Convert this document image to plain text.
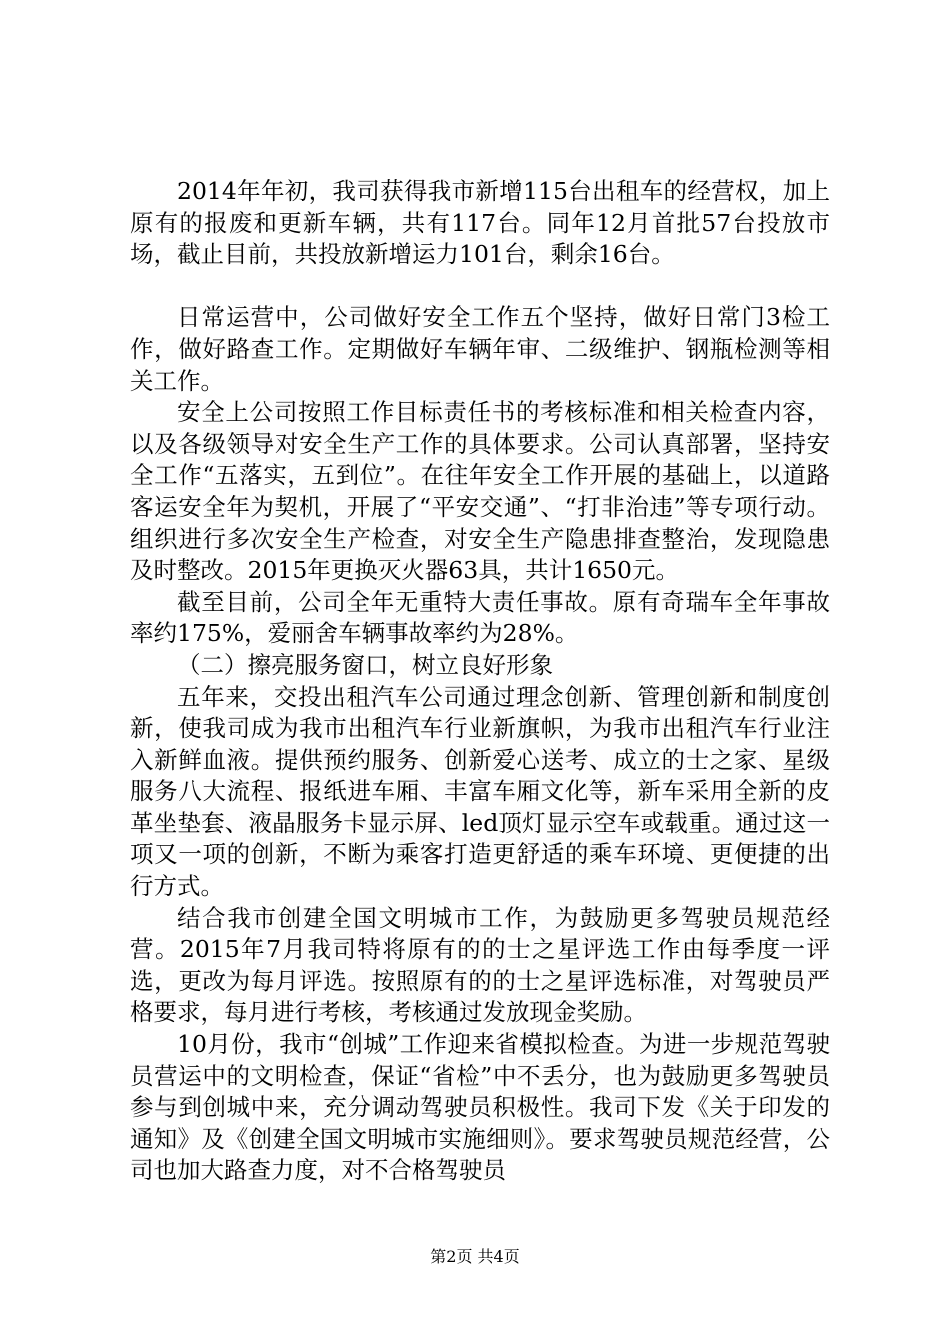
2014年年初，我司获得我市新增115台出租车的经营权，加上原有的报废和更新车辆，共有117台。同年12月首批57台投放市场，截止目前，共投放新增运力101台，剩余16台。

日常运营中，公司做好安全工作五个坚持，做好日常门3检工作，做好路查工作。定期做好车辆年审、二级维护、钢瓶检测等相关工作。

安全上公司按照工作目标责任书的考核标准和相关检查内容，以及各级领导对安全生产工作的具体要求。公司认真部署，坚持安全工作“五落实，五到位”。在往年安全工作开展的基础上，以道路客运安全年为契机，开展了“平安交通”、“打非治违”等专项行动。组织进行多次安全生产检查，对安全生产隐患排查整治，发现隐患及时整改。2015年更换灭火器63具，共计1650元。

截至目前，公司全年无重特大责任事故。原有奇瑞车全年事故率约175%，爱丽舍车辆事故率约为28%。

（二）擦亮服务窗口，树立良好形象

五年来，交投出租汽车公司通过理念创新、管理创新和制度创新，使我司成为我市出租汽车行业新旗帜，为我市出租汽车行业注入新鲜血液。提供预约服务、创新爱心送考、成立的士之家、星级服务八大流程、报纸进车厢、丰富车厢文化等，新车采用全新的皮革坐垫套、液晶服务卡显示屏、led顶灯显示空车或载重。通过这一项又一项的创新，不断为乘客打造更舒适的乘车环境、更便捷的出行方式。

结合我市创建全国文明城市工作，为鼓励更多驾驶员规范经营。2015年7月我司特将原有的的士之星评选工作由每季度一评选，更改为每月评选。按照原有的的士之星评选标准，对驾驶员严格要求，每月进行考核，考核通过发放现金奖励。

10月份，我市“创城”工作迎来省模拟检查。为进一步规范驾驶员营运中的文明检查，保证“省检”中不丢分，也为鼓励更多驾驶员参与到创城中来，充分调动驾驶员积极性。我司下发《关于印发的通知》及《创建全国文明城市实施细则》。要求驾驶员规范经营，公司也加大路查力度，对不合格驾驶员

第2页 共4页
